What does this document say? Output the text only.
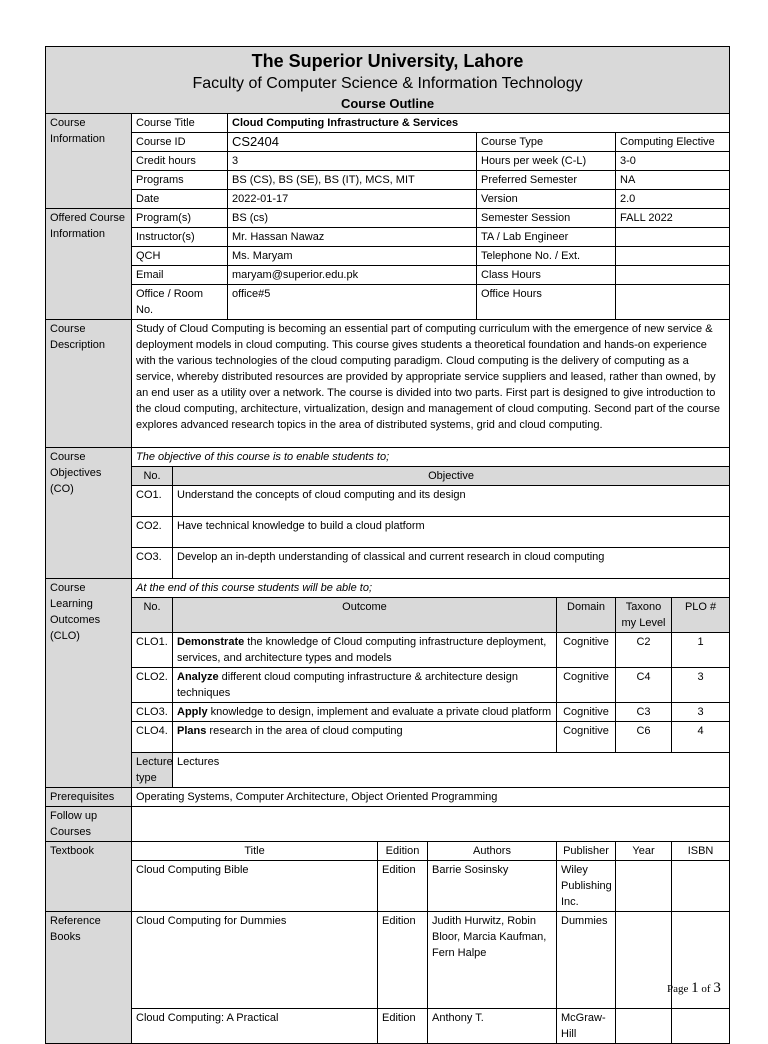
The Superior University, Lahore
Faculty of Computer Science & Information Technology
Course Outline									

Course Information	Course Title		Cloud Computing Infrastructure & Services						
	Course ID		CS2404			Course Type		Computing Elective	
	Credit hours		3			Hours per week (C-L)		3-0	
	Programs		BS (CS), BS (SE), BS (IT), MCS, MIT			Preferred Semester		NA	
	Date		2022-01-17			Version		2.0	
Offered Course Information	Program(s)		BS (cs)			Semester Session		FALL 2022	
	Instructor(s)		Mr. Hassan Nawaz			TA / Lab Engineer			
	QCH		Ms. Maryam			Telephone No. / Ext.			
	Email		maryam@superior.edu.pk			Class Hours			
	Office / Room No.		office#5			Office Hours			
Course Description	Study of Cloud Computing is becoming an essential part of computing curriculum with the emergence of new service & deployment models in cloud computing. This course gives students a theoretical foundation and hands-on experience with the various technologies of the cloud computing paradigm. Cloud computing is the delivery of computing as a service, whereby distributed resources are provided by appropriate service suppliers and leased, rather than owned, by an end user as a utility over a network. The course is divided into two parts. First part is designed to give introduction to the cloud computing, architecture, virtualization, design and management of cloud computing. Second part of the course explores advanced research topics in the area of distributed systems, grid and cloud computing.								
Course Objectives (CO)	The objective of this course is to enable students to;								
	No.	Objective							
	CO1.	Understand the concepts of cloud computing and its design							
	CO2.	Have technical knowledge to build a cloud platform							
	CO3.	Develop an in-depth understanding of classical and current research in cloud computing							
Course Learning Outcomes (CLO)	At the end of this course students will be able to;								
	No.	Outcome					Domain	Taxono my Level	PLO #
	CLO1.	Demonstrate the knowledge of Cloud computing infrastructure deployment, services, and architecture types and models					Cognitive	C2	1
	CLO2.	Analyze different cloud computing infrastructure & architecture design techniques					Cognitive	C4	3
	CLO3.	Apply knowledge to design, implement and evaluate a private cloud platform					Cognitive	C3	3
	CLO4.	Plans research in the area of cloud computing					Cognitive	C6	4
	Lecture type	Lectures							
Prerequisites	Operating Systems, Computer Architecture, Object Oriented Programming								
Follow up Courses									
Textbook	Title			Edition	Authors		Publisher	Year	ISBN
	Cloud Computing Bible			Edition	Barrie Sosinsky		Wiley Publishing Inc.		
Reference Books	Cloud Computing for Dummies			Edition	Judith Hurwitz, Robin Bloor, Marcia Kaufman, Fern Halpe		Dummies		
	Cloud Computing: A Practical			Edition	Anthony T.		McGraw-Hill		
Page 1 of 3
